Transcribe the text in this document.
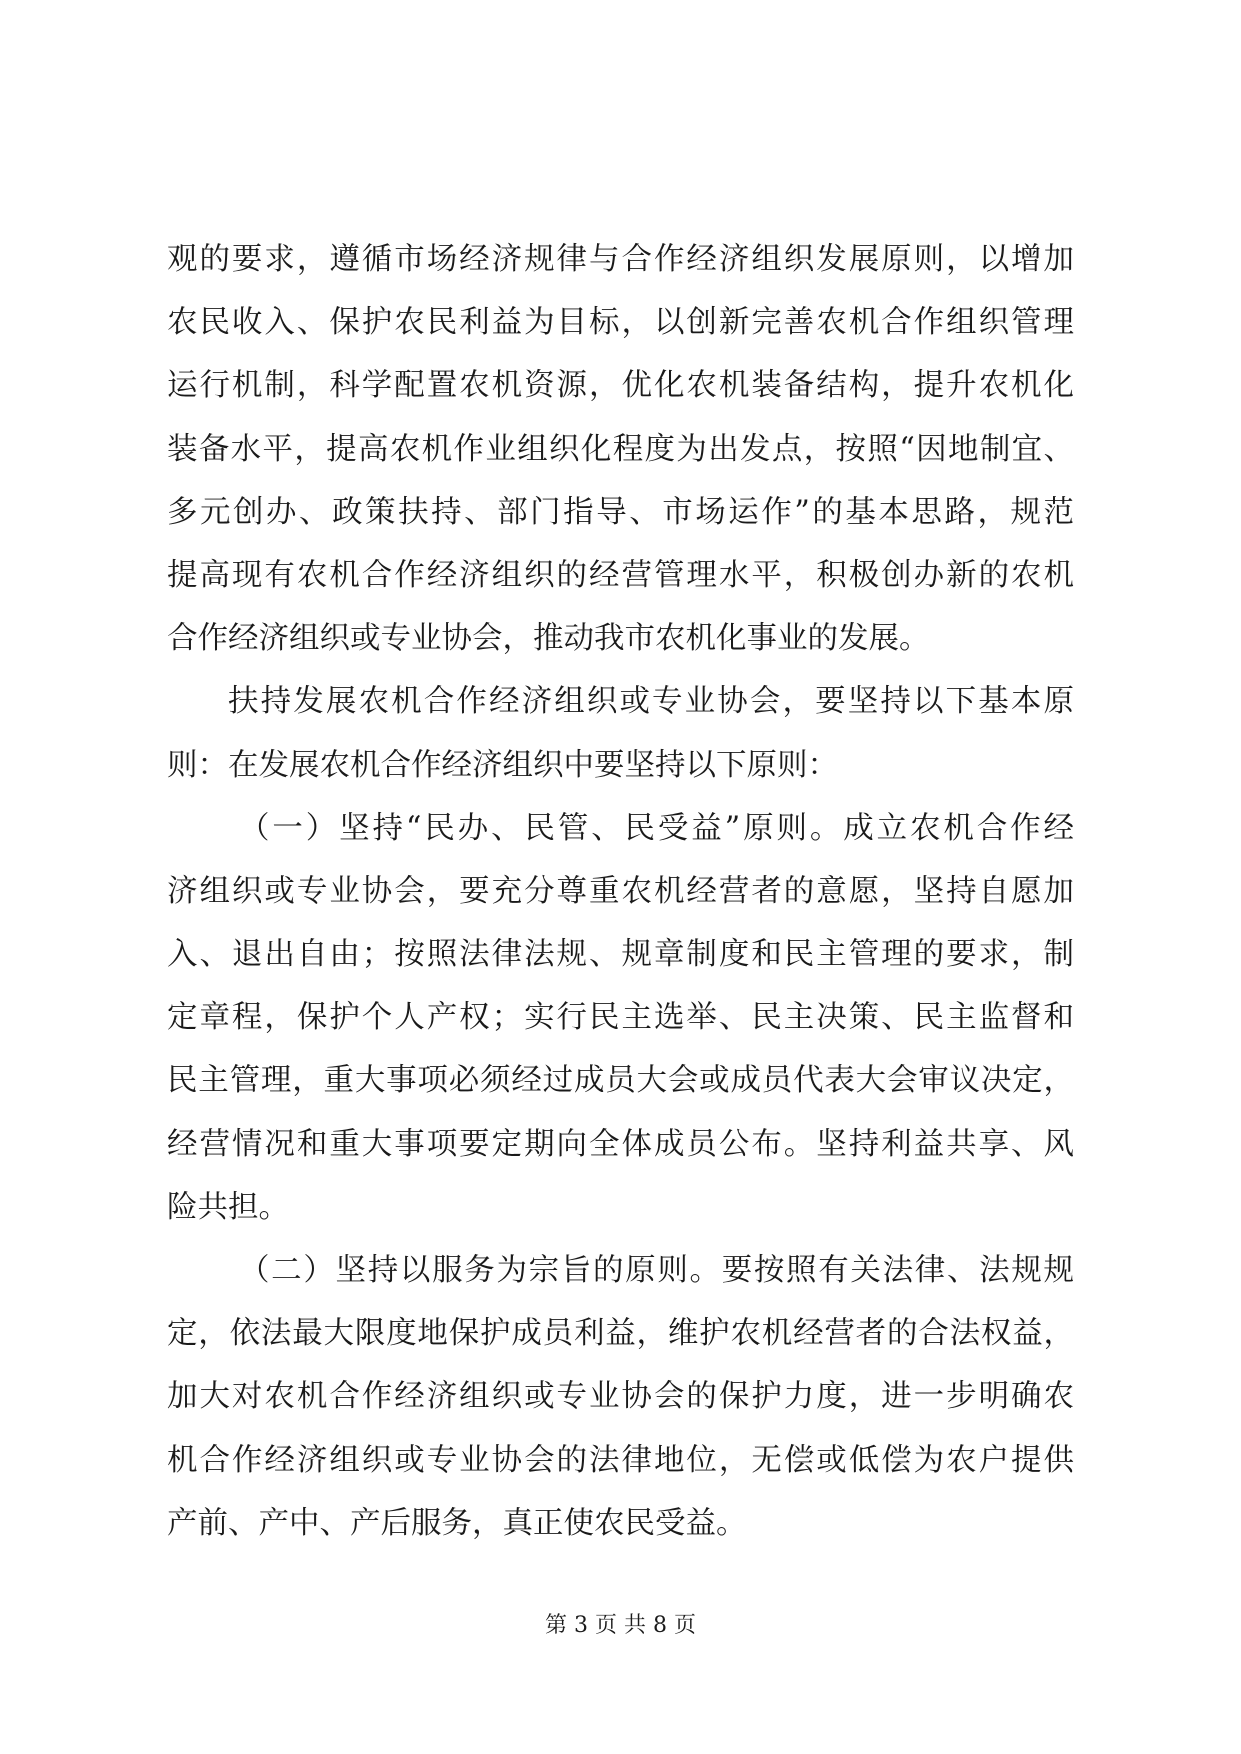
观的要求，遵循市场经济规律与合作经济组织发展原则，以增加
农民收入、保护农民利益为目标，以创新完善农机合作组织管理
运行机制，科学配置农机资源，优化农机装备结构，提升农机化
装备水平，提高农机作业组织化程度为出发点，按照“因地制宜、
多元创办、政策扶持、部门指导、市场运作”的基本思路，规范
提高现有农机合作经济组织的经营管理水平，积极创办新的农机
合作经济组织或专业协会，推动我市农机化事业的发展。
扶持发展农机合作经济组织或专业协会，要坚持以下基本原
则：在发展农机合作经济组织中要坚持以下原则：
（一）坚持“民办、民管、民受益”原则。成立农机合作经
济组织或专业协会，要充分尊重农机经营者的意愿，坚持自愿加
入、退出自由；按照法律法规、规章制度和民主管理的要求，制
定章程，保护个人产权；实行民主选举、民主决策、民主监督和
民主管理，重大事项必须经过成员大会或成员代表大会审议决定，
经营情况和重大事项要定期向全体成员公布。坚持利益共享、风
险共担。
（二）坚持以服务为宗旨的原则。要按照有关法律、法规规
定，依法最大限度地保护成员利益，维护农机经营者的合法权益，
加大对农机合作经济组织或专业协会的保护力度，进一步明确农
机合作经济组织或专业协会的法律地位，无偿或低偿为农户提供
产前、产中、产后服务，真正使农民受益。
第 3 页 共 8 页
